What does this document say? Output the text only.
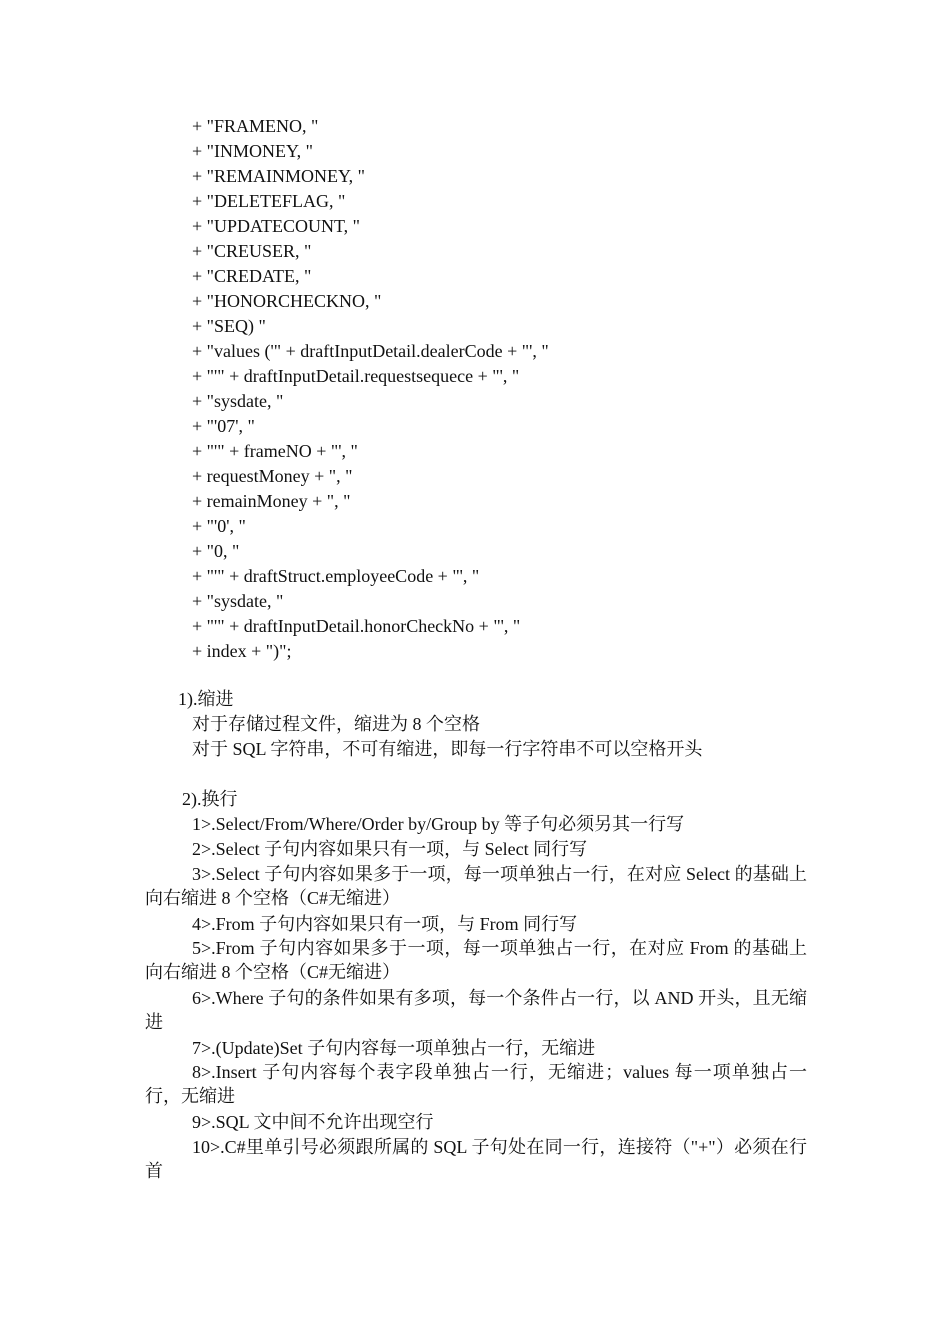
+ "FRAMENO, "
+ "INMONEY, "
+ "REMAINMONEY, "
+ "DELETEFLAG, "
+ "UPDATECOUNT, "
+ "CREUSER, "
+ "CREDATE, "
+ "HONORCHECKNO, "
+ "SEQ) "
+ "values ('" + draftInputDetail.dealerCode + "', "
+ "'" + draftInputDetail.requestsequece + "', "
+ "sysdate, "
+ "'07', "
+ "'" + frameNO + "', "
+ requestMoney + ", "
+ remainMoney + ", "
+ "'0', "
+ "0, "
+ "'" + draftStruct.employeeCode + "', "
+ "sysdate, "
+ "'" + draftInputDetail.honorCheckNo + "', "
+ index + ")";
1).缩进
对于存储过程文件，缩进为 8 个空格
对于 SQL 字符串，不可有缩进，即每一行字符串不可以空格开头
2).换行
1>.Select/From/Where/Order by/Group by 等子句必须另其一行写
2>.Select 子句内容如果只有一项，与 Select 同行写
3>.Select 子句内容如果多于一项，每一项单独占一行，在对应 Select 的基础上向右缩进 8 个空格（C#无缩进）
4>.From 子句内容如果只有一项，与 From 同行写
5>.From 子句内容如果多于一项，每一项单独占一行，在对应 From 的基础上向右缩进 8 个空格（C#无缩进）
6>.Where 子句的条件如果有多项，每一个条件占一行，以 AND 开头，且无缩进
7>.(Update)Set 子句内容每一项单独占一行，无缩进
8>.Insert 子句内容每个表字段单独占一行，无缩进；values 每一项单独占一行，无缩进
9>.SQL 文中间不允许出现空行
10>.C#里单引号必须跟所属的 SQL 子句处在同一行，连接符（"+"）必须在行首
